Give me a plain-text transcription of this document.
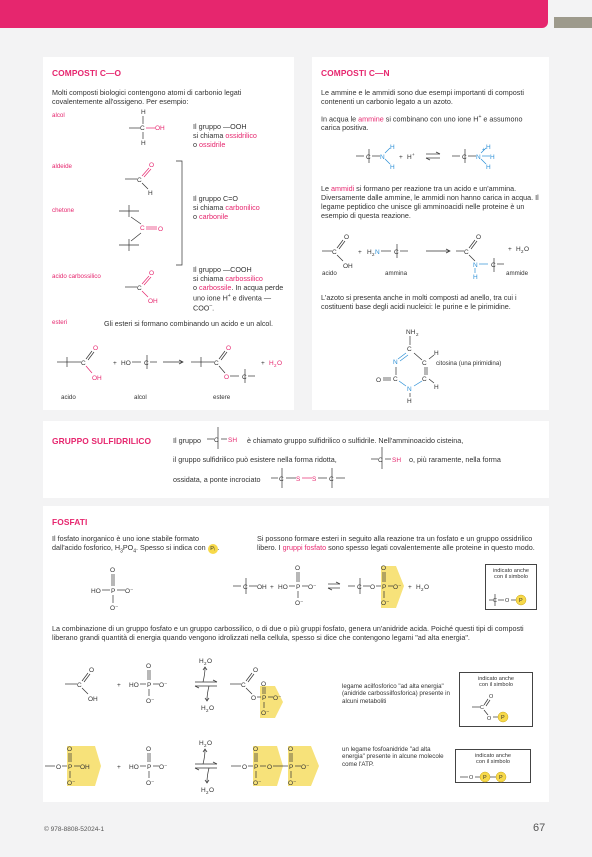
COMPOSTI C—O
Molti composti biologici contengono atomi di carbonio legati covalentemente all'ossigeno. Per esempio:
alcol	H
C OH
H
Il gruppo —OOH
si chiama ossidrilico
o ossidrile
aldeide
C
O
H
chetone
C O
Il gruppo C=O
si chiama carbonilico
o carbonile
acido carbossilico
C
O
OH
Il gruppo —COOH
si chiama carbossilico
o carbossile. In acqua perde uno ione H+ e diventa —COO–.
esteri	Gli esteri si formano combinando un acido e un alcol.
C
O
OH
+ HO C	C
O
O C
+ H 2 O
acido	alcol	estere
COMPOSTI C—N
Le ammine e le ammidi sono due esempi importanti di composti contenenti un carbonio legato a un azoto.
In acqua le ammine si combinano con uno ione H+ e assumono carica positiva.
C N
H
H
+ H +	C N
+ H
H
H
Le ammidi si formano per reazione tra un acido e un'ammina. Diversamente dalle ammine, le ammidi non hanno carica in acqua. Il legame peptidico che unisce gli amminoacidi nelle proteine è un esempio di questa reazione.
C
O
OH
+ H 2 N C	C
O
N C
H
+ H 2 O
acido	ammina	ammide
L'azoto si presenta anche in molti composti ad anello, tra cui i costituenti base degli acidi nucleici: le purine e le pirimidine.
NH 2
C
N
C
O
N
H
C
C
H
H
citosina (una pirimidina)
GRUPPO SULFIDRILICO	Il gruppo C SH è chiamato gruppo sulfidrilico o sulfidrile. Nell'amminoacido cisteina,
il gruppo sulfidrilico può esistere nella forma ridotta,	C SH o, più raramente, nella forma
ossidata, a ponte incrociato	C S S C
FOSFATI
Il fosfato inorganico è uno ione stabile formato dall'acido fosforico, $H_3PO_4$. Spesso si indica con Pᵢ .
HO P
O
O⁻
O⁻
Si possono formare esteri in seguito alla reazione tra un fosfato e un gruppo ossidrilico libero. I gruppi fosfato sono spesso legati covalentemente alle proteine in questo modo.
C OH + HO P
O
O⁻
O⁻
C O P
O
O⁻
O⁻
+ H 2 O
indicato anche con il simbolo
C O P
La combinazione di un gruppo fosfato e un gruppo carbossilico, o di due o più gruppi fosfato, genera un'anidride acida. Poiché questi tipi di composti liberano grandi quantità di energia quando vengono idrolizzati nella cellula, spesso si dice che contengono legami "ad alta energia".
C
O
OH
+ HO P
O
O⁻
O⁻
H 2 O
H 2 O
C
O
O P
O
O⁻
O⁻
legame acilfosforico "ad alta energia" (anidride carbossilfosforica) presente in alcuni metaboliti
indicato anche con il simbolo
C
O
O P
O P
O
OH
O⁻
+ HO P
O
O⁻
O⁻
H 2 O
H 2 O
O P
O
O⁻
O	P
O
O⁻
O⁻
un legame fosfoanidride "ad alta energia" presente in alcune molecole come l'ATP.
indicato anche con il simbolo
O P P
© 978-8808-52024-1	67
